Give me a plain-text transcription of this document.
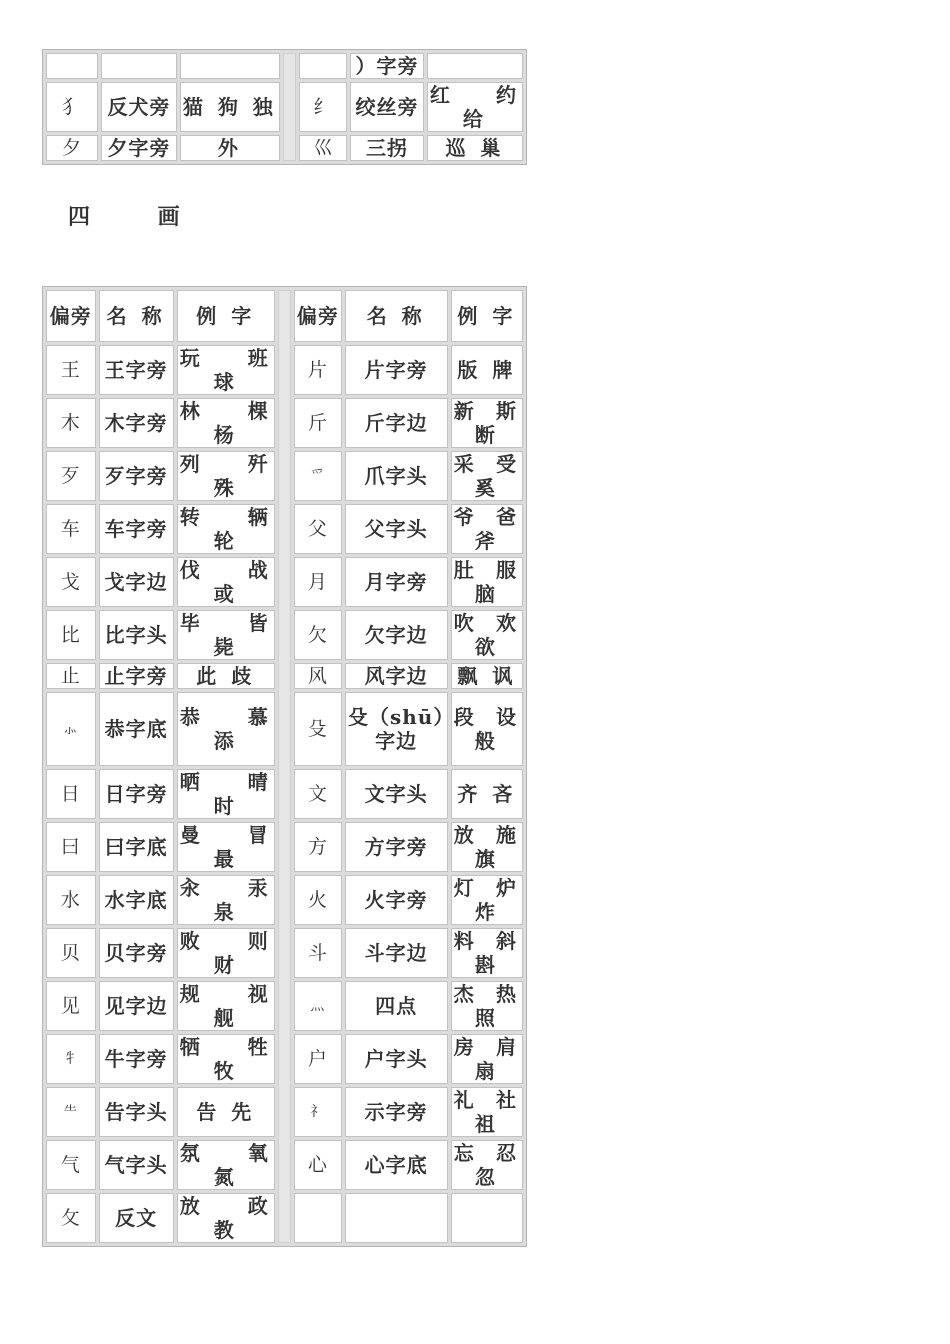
					）字旁	
犭	反犬旁	猫 狗 独		纟	绞丝旁	红 约 给
夕	夕字旁	外		巛	三拐	巡 巢
四 画
偏旁	名 称	例 字		偏旁	名 称	例 字
王	王字旁	玩 班 球		片	片字旁	版 牌
木	木字旁	林 棵 杨		斤	斤字边	新 斯 断
歹	歹字旁	列 歼 殊		爫	爪字头	采 受 奚
车	车字旁	转 辆 轮		父	父字头	爷 爸 斧
戈	戈字边	伐 战 或		月	月字旁	肚 服 脑
比	比字头	毕 皆 毙		欠	欠字边	吹 欢 欲
止	止字旁	此 歧		风	风字边	飘 讽
⺗	恭字底	恭 慕 添		殳	殳（shū）字边	段 设 般
日	日字旁	晒 晴 时		文	文字头	齐 吝
曰	曰字底	曼 冒 最		方	方字旁	放 施 旗
水	水字底	汆 汞 泉		火	火字旁	灯 炉 炸
贝	贝字旁	败 则 财		斗	斗字边	料 斜 斟
见	见字边	规 视 舰		灬	四点	杰 热 照
牜	牛字旁	牺 牲 牧		户	户字头	房 肩 扇
⺧	告字头	告 先		礻	示字旁	礼 社 祖
气	气字头	氛 氧 氮		心	心字底	忘 忍 忽
攵	反文	放 政 教				
